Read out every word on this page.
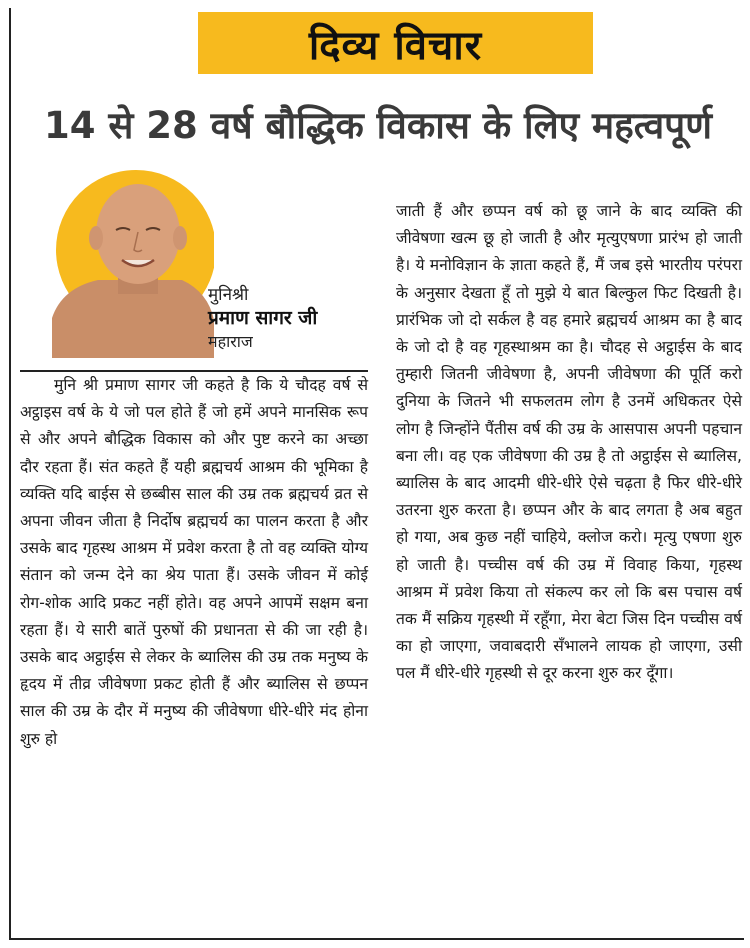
दिव्य विचार
14 से 28 वर्ष बौद्धिक विकास के लिए महत्वपूर्ण
मुनिश्री
प्रमाण सागर जी
महाराज

मुनि श्री प्रमाण सागर जी कहते है कि ये चौदह वर्ष से अट्ठाइस वर्ष के ये जो पल होते हैं जो हमें अपने मानसिक रूप से और अपने बौद्धिक विकास को और पुष्ट करने का अच्छा दौर रहता हैं। संत कहते हैं यही ब्रह्मचर्य आश्रम की भूमिका है व्यक्ति यदि बाईस से छब्बीस साल की उम्र तक ब्रह्मचर्य व्रत से अपना जीवन जीता है निर्दोष ब्रह्मचर्य का पालन करता है और उसके बाद गृहस्थ आश्रम में प्रवेश करता है तो वह व्यक्ति योग्य संतान को जन्म देने का श्रेय पाता हैं। उसके जीवन में कोई रोग-शोक आदि प्रकट नहीं होते। वह अपने आपमें सक्षम बना रहता हैं। ये सारी बातें पुरुषों की प्रधानता से की जा रही है। उसके बाद अट्ठाईस से लेकर के ब्यालिस की उम्र तक मनुष्य के हृदय में तीव्र जीवेषणा प्रकट होती हैं और ब्यालिस से छप्पन साल की उम्र के दौर में मनुष्य की जीवेषणा धीरे-धीरे मंद होना शुरु हो

जाती हैं और छप्पन वर्ष को छू जाने के बाद व्यक्ति की जीवेषणा खत्म छू हो जाती है और मृत्युएषणा प्रारंभ हो जाती है। ये मनोविज्ञान के ज्ञाता कहते हैं, मैं जब इसे भारतीय परंपरा के अनुसार देखता हूँ तो मुझे ये बात बिल्कुल फिट दिखती है। प्रारंभिक जो दो सर्कल है वह हमारे ब्रह्मचर्य आश्रम का है बाद के जो दो है वह गृहस्थाश्रम का है। चौदह से अट्ठाईस के बाद तुम्हारी जितनी जीवेषणा है, अपनी जीवेषणा की पूर्ति करो दुनिया के जितने भी सफलतम लोग है उनमें अधिकतर ऐसे लोग है जिन्होंने पैंतीस वर्ष की उम्र के आसपास अपनी पहचान बना ली। वह एक जीवेषणा की उम्र है तो अट्ठाईस से ब्यालिस, ब्यालिस के बाद आदमी धीरे-धीरे ऐसे चढ़ता है फिर धीरे-धीरे उतरना शुरु करता है। छप्पन और के बाद लगता है अब बहुत हो गया, अब कुछ नहीं चाहिये, क्लोज करो। मृत्यु एषणा शुरु हो जाती है। पच्चीस वर्ष की उम्र में विवाह किया, गृहस्थ आश्रम में प्रवेश किया तो संकल्प कर लो कि बस पचास वर्ष तक मैं सक्रिय गृहस्थी में रहूँगा, मेरा बेटा जिस दिन पच्चीस वर्ष का हो जाएगा, जवाबदारी सँभालने लायक हो जाएगा, उसी पल मैं धीरे-धीरे गृहस्थी से दूर करना शुरु कर दूँगा।
